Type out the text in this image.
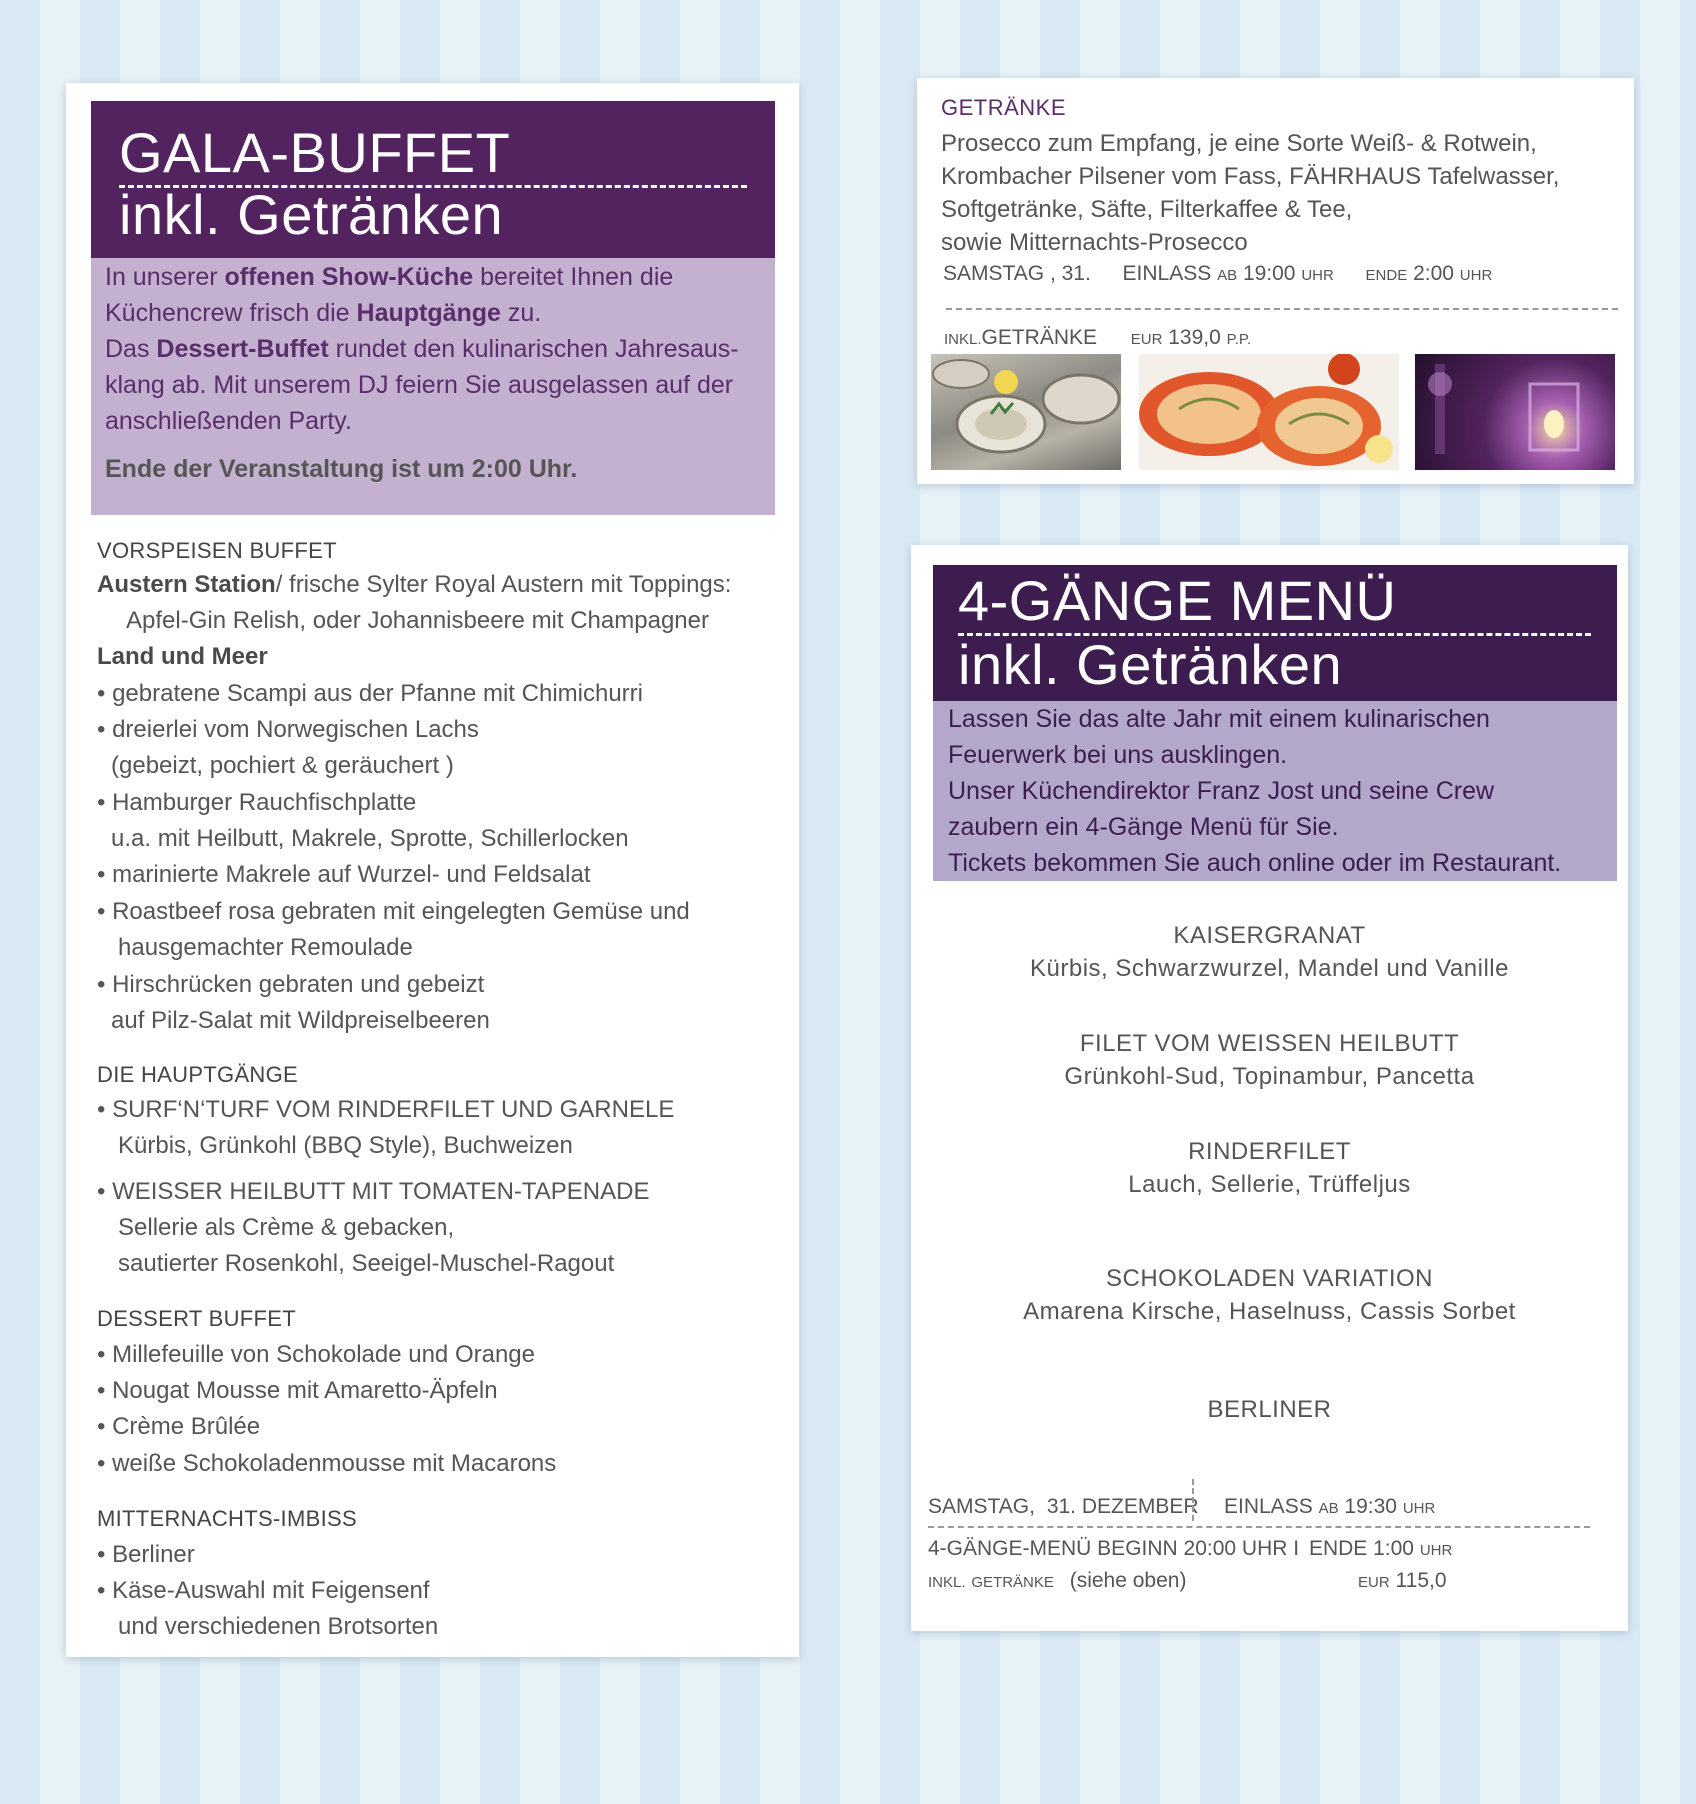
GALA-BUFFET
inkl. Getränken
In unserer offenen Show-Küche bereitet Ihnen die
Küchencrew frisch die Hauptgänge zu.
Das Dessert-Buffet rundet den kulinarischen Jahresaus-
klang ab. Mit unserem DJ feiern Sie ausgelassen auf der
anschließenden Party.
Ende der Veranstaltung ist um 2:00 Uhr.
VORSPEISEN BUFFET
Austern Station/ frische Sylter Royal Austern mit Toppings:
Apfel-Gin Relish, oder Johannisbeere mit Champagner
Land und Meer
• gebratene Scampi aus der Pfanne mit Chimichurri
• dreierlei vom Norwegischen Lachs
(gebeizt, pochiert & geräuchert )
• Hamburger Rauchfischplatte
u.a. mit Heilbutt, Makrele, Sprotte, Schillerlocken
• marinierte Makrele auf Wurzel- und Feldsalat
• Roastbeef rosa gebraten mit eingelegten Gemüse und
hausgemachter Remoulade
• Hirschrücken gebraten und gebeizt
auf Pilz-Salat mit Wildpreiselbeeren
DIE HAUPTGÄNGE
• SURF‘N‘TURF VOM RINDERFILET UND GARNELE
Kürbis, Grünkohl (BBQ Style), Buchweizen
• WEISSER HEILBUTT MIT TOMATEN-TAPENADE
Sellerie als Crème & gebacken,
sautierter Rosenkohl, Seeigel-Muschel-Ragout
DESSERT BUFFET
• Millefeuille von Schokolade und Orange
• Nougat Mousse mit Amaretto-Äpfeln
• Crème Brûlée
• weiße Schokoladenmousse mit Macarons
MITTERNACHTS-IMBISS
• Berliner
• Käse-Auswahl mit Feigensenf
und verschiedenen Brotsorten
GETRÄNKE
Prosecco zum Empfang, je eine Sorte Weiß- & Rotwein,
Krombacher Pilsener vom Fass, FÄHRHAUS Tafelwasser,
Softgetränke, Säfte, Filterkaffee & Tee,
sowie Mitternachts-Prosecco
SAMSTAG , 31. EINLASS AB 19:00 UHR ENDE 2:00 UHR
INKL.GETRÄNKE EUR 139,0 P.P.
4-GÄNGE MENÜ
inkl. Getränken
Lassen Sie das alte Jahr mit einem kulinarischen
Feuerwerk bei uns ausklingen.
Unser Küchendirektor Franz Jost und seine Crew
zaubern ein 4-Gänge Menü für Sie.
Tickets bekommen Sie auch online oder im Restaurant.
KAISERGRANAT
Kürbis, Schwarzwurzel, Mandel und Vanille
FILET VOM WEISSEN HEILBUTT
Grünkohl-Sud, Topinambur, Pancetta
RINDERFILET
Lauch, Sellerie, Trüffeljus
SCHOKOLADEN VARIATION
Amarena Kirsche, Haselnuss, Cassis Sorbet
BERLINER
SAMSTAG, 31. DEZEMBER EINLASS AB 19:30 UHR
4-GÄNGE-MENÜ BEGINN 20:00 UHR I ENDE 1:00 UHR
INKL. GETRÄNKE (siehe oben)	EUR 115,0
